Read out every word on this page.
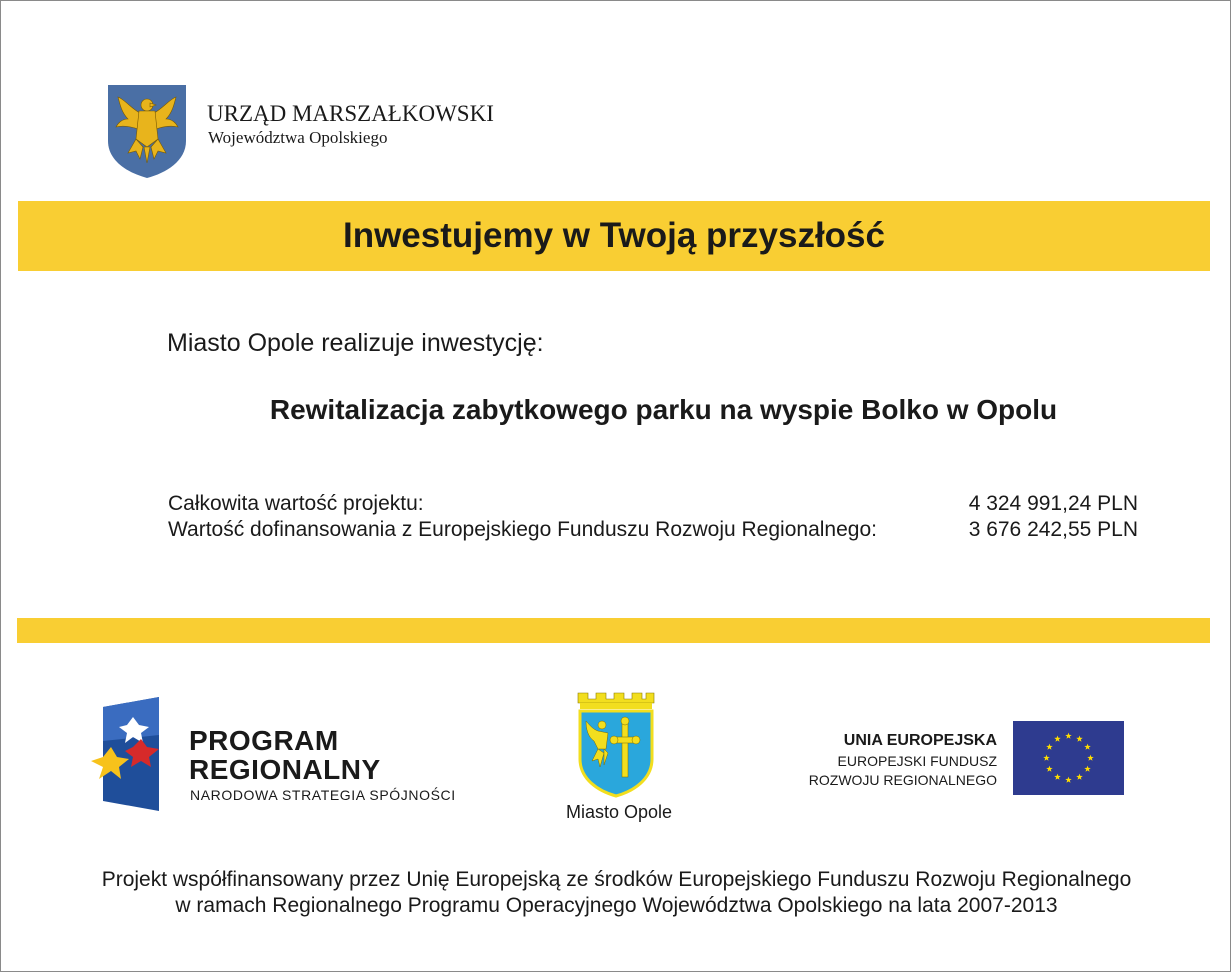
URZĄD MARSZAŁKOWSKI
Województwa Opolskiego
Inwestujemy w Twoją przyszłość
Miasto Opole realizuje inwestycję:
Rewitalizacja zabytkowego parku na wyspie Bolko w Opolu
Całkowita wartość projektu:	4 324 991,24 PLN
Wartość dofinansowania z Europejskiego Funduszu Rozwoju Regionalnego:	3 676 242,55 PLN
PROGRAM
REGIONALNY
NARODOWA STRATEGIA SPÓJNOŚCI
Miasto Opole
UNIA EUROPEJSKA
EUROPEJSKI FUNDUSZ
ROZWOJU REGIONALNEGO
Projekt współfinansowany przez Unię Europejską ze środków Europejskiego Funduszu Rozwoju Regionalnego
w ramach Regionalnego Programu Operacyjnego Województwa Opolskiego na lata 2007-2013
